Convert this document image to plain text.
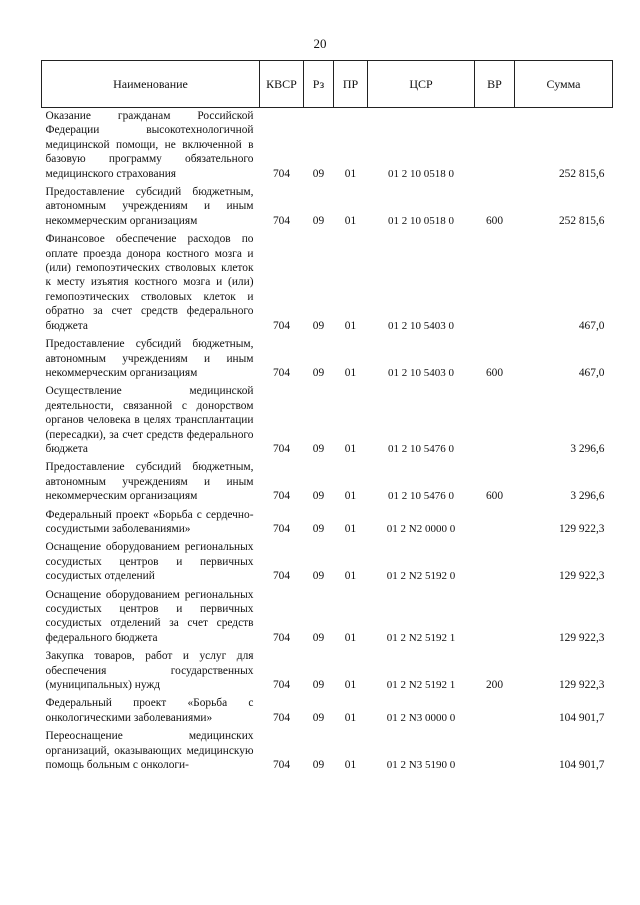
20
Наименование	КВСР	Рз	ПР	ЦСР	ВР	Сумма
Оказание гражданам Российской Федерации высокотехнологичной медицинской помощи, не включенной в базовую программу обязательного медицинского страхования	704	09	01	01 2 10 0518 0		252 815,6
Предоставление субсидий бюджетным, автономным учреждениям и иным некоммерческим организациям	704	09	01	01 2 10 0518 0	600	252 815,6
Финансовое обеспечение расходов по оплате проезда донора костного мозга и (или) гемопоэтических стволовых клеток к месту изъятия костного мозга и (или) гемопоэтических стволовых клеток и обратно за счет средств федерального бюджета	704	09	01	01 2 10 5403 0		467,0
Предоставление субсидий бюджетным, автономным учреждениям и иным некоммерческим организациям	704	09	01	01 2 10 5403 0	600	467,0
Осуществление медицинской деятельности, связанной с донорством органов человека в целях трансплантации (пересадки), за счет средств федерального бюджета	704	09	01	01 2 10 5476 0		3 296,6
Предоставление субсидий бюджетным, автономным учреждениям и иным некоммерческим организациям	704	09	01	01 2 10 5476 0	600	3 296,6
Федеральный проект «Борьба с сердечно-сосудистыми заболеваниями»	704	09	01	01 2 N2 0000 0		129 922,3
Оснащение оборудованием региональных сосудистых центров и первичных сосудистых отделений	704	09	01	01 2 N2 5192 0		129 922,3
Оснащение оборудованием региональных сосудистых центров и первичных сосудистых отделений за счет средств федерального бюджета	704	09	01	01 2 N2 5192 1		129 922,3
Закупка товаров, работ и услуг для обеспечения государственных (муниципальных) нужд	704	09	01	01 2 N2 5192 1	200	129 922,3
Федеральный проект «Борьба с онкологическими заболеваниями»	704	09	01	01 2 N3 0000 0		104 901,7
Переоснащение медицинских организаций, оказывающих медицинскую помощь больным с онкологи-	704	09	01	01 2 N3 5190 0		104 901,7
